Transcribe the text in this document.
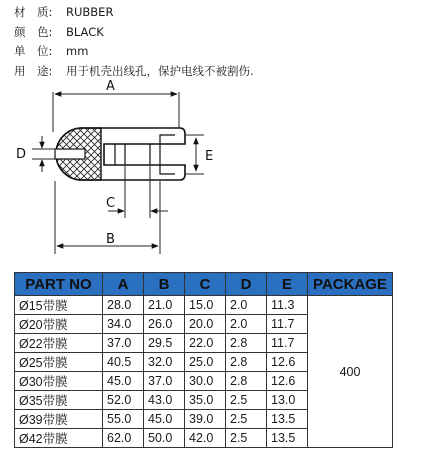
材　质: RUBBER
颜　色: BLACK
单　位: mm
用　途: 用于机壳出线孔，保护电线不被割伤.
A
D	E
C
B
PART NO	A	B	C	D	E	PACKAGE
Ø15带膜	28.0	21.0	15.0	2.0	11.3	400
Ø20带膜	34.0	26.0	20.0	2.0	11.7	
Ø22带膜	37.0	29.5	22.0	2.8	11.7	
Ø25带膜	40.5	32.0	25.0	2.8	12.6	
Ø30带膜	45.0	37.0	30.0	2.8	12.6	
Ø35带膜	52.0	43.0	35.0	2.5	13.0	
Ø39带膜	55.0	45.0	39.0	2.5	13.5	
Ø42带膜	62.0	50.0	42.0	2.5	13.5	
